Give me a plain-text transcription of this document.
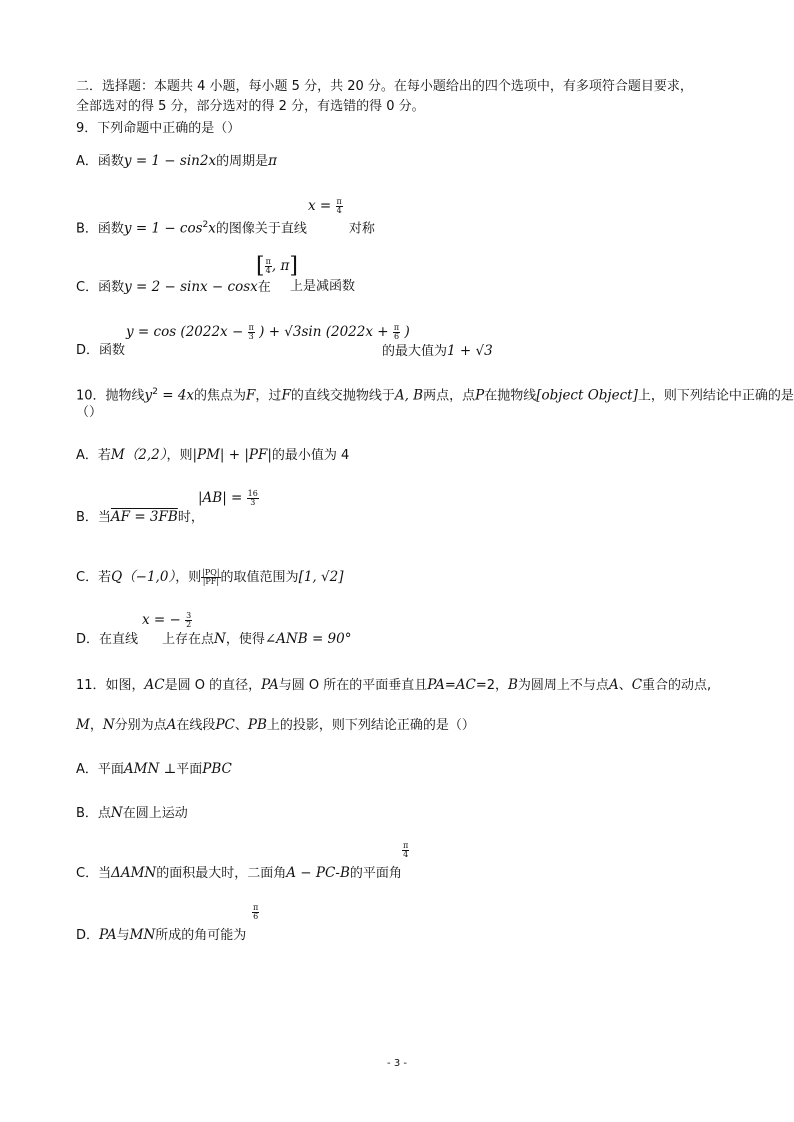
二．选择题：本题共 4 小题，每小题 5 分，共 20 分。在每小题给出的四个选项中，有多项符合题目要求，
全部选对的得 5 分，部分选对的得 2 分，有选错的得 0 分。
9．下列命题中正确的是（）
A．函数y = 1 − sin2x的周期是π
$x = \frac{\pi}{4}$
B．函数$y = 1 - \cos^2x$的图像关于直线	对称
C．函数y = 2 − sinx − cosx在
[ $\frac{\pi}{4}$ , π]
上是减函数
$y = \cos (2022x - \frac{\pi}{3}$ ) + √3sin ($2022x + \frac{\pi}{6}$ )
D．函数	的最大值为1 + √3
10．抛物线$y^2 = 4x$的焦点为F，过F的直线交抛物线于A, B两点，点P在抛物线[object Object]上，则下列结论中正确的是
（）
A．若M（2,2），则|PM| + |PF|的最小值为 4
$|AB| = \frac{16}{3}$
B．当AF = 3FB时，
C．若Q（−1,0），则 $\frac{|PQ|}{|PF|}$ 的取值范围为[1, √2]
x = − $\frac{3}{2}$
D．在直线 上存在点N，使得∠ANB = 90°
11．如图，AC是圆 O 的直径，PA与圆 O 所在的平面垂直且PA=AC=2，B为圆周上不与点A、C重合的动点,
M，N分别为点A在线段PC、PB上的投影，则下列结论正确的是（）
A．平面AMN ⊥平面PBC
B．点N在圆上运动
$\frac{\pi}{4}$
C．当ΔAMN的面积最大时，二面角A − PC-B的平面角
$\frac{\pi}{6}$
D．PA与MN所成的角可能为
- 3 -
